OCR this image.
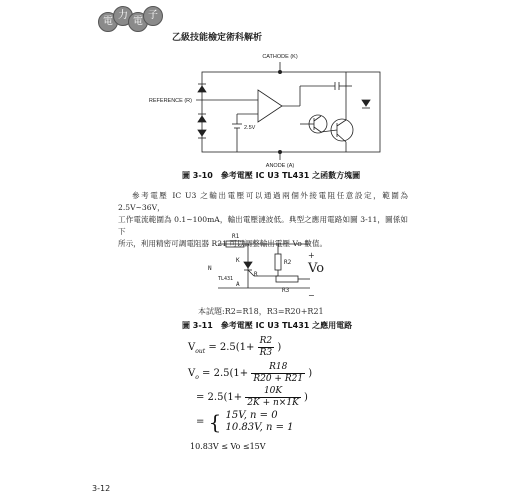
電
力
電
子
乙級技能檢定術科解析
CATHODE (K)
REFERENCE (R)
2.5V
ANODE (A)
圖 3-10　參考電壓 IC U3 TL431 之函數方塊圖
參考電壓 IC U3 之輸出電壓可以通過兩個外接電阻任意設定，範圍為 2.5V~36V，
工作電流範圍為 0.1~100mA，輸出電壓漣波低。典型之應用電路如圖 3-11，圖係如下
所示，利用精密可調電阻器 R21 可以調整輸出電壓 Vo 數值。
R1
R2
R3
N
K
R
A
TL431
+
Vo
−
本試題:R2=R18，R3=R20+R21
圖 3-11　參考電壓 IC U3 TL431 之應用電路
$V_{out} = 2.5(1+ \frac{R2}{R3}$ )
$V_o = 2.5(1+ \frac{R18}{R20 + R21}$ )
= $2.5(1+ \frac{10K}{2K + n\times 1K}$ )
= { 15V, n = 0
10.83V, n = 1
10.83V ≤ Vo ≤15V
3-12
